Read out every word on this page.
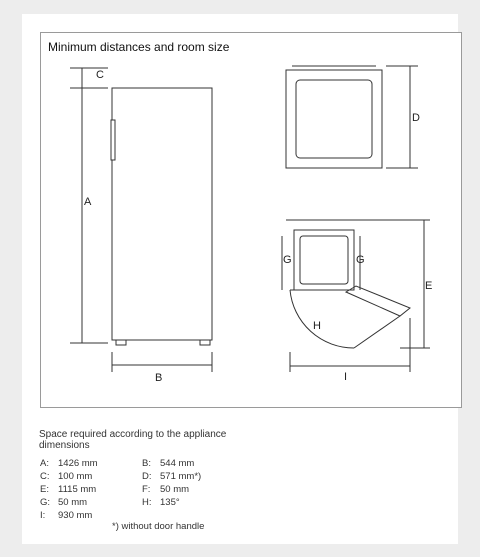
Minimum distances and room size
C
A
B
D
G	G
E
H
I
Space required according to the appliance dimensions
A: 1426 mm	B: 544 mm
C: 100 mm	D: 571 mm*)
E: 1115 mm	F: 50 mm
G: 50 mm	H: 135°
I: 930 mm
*) without door handle
